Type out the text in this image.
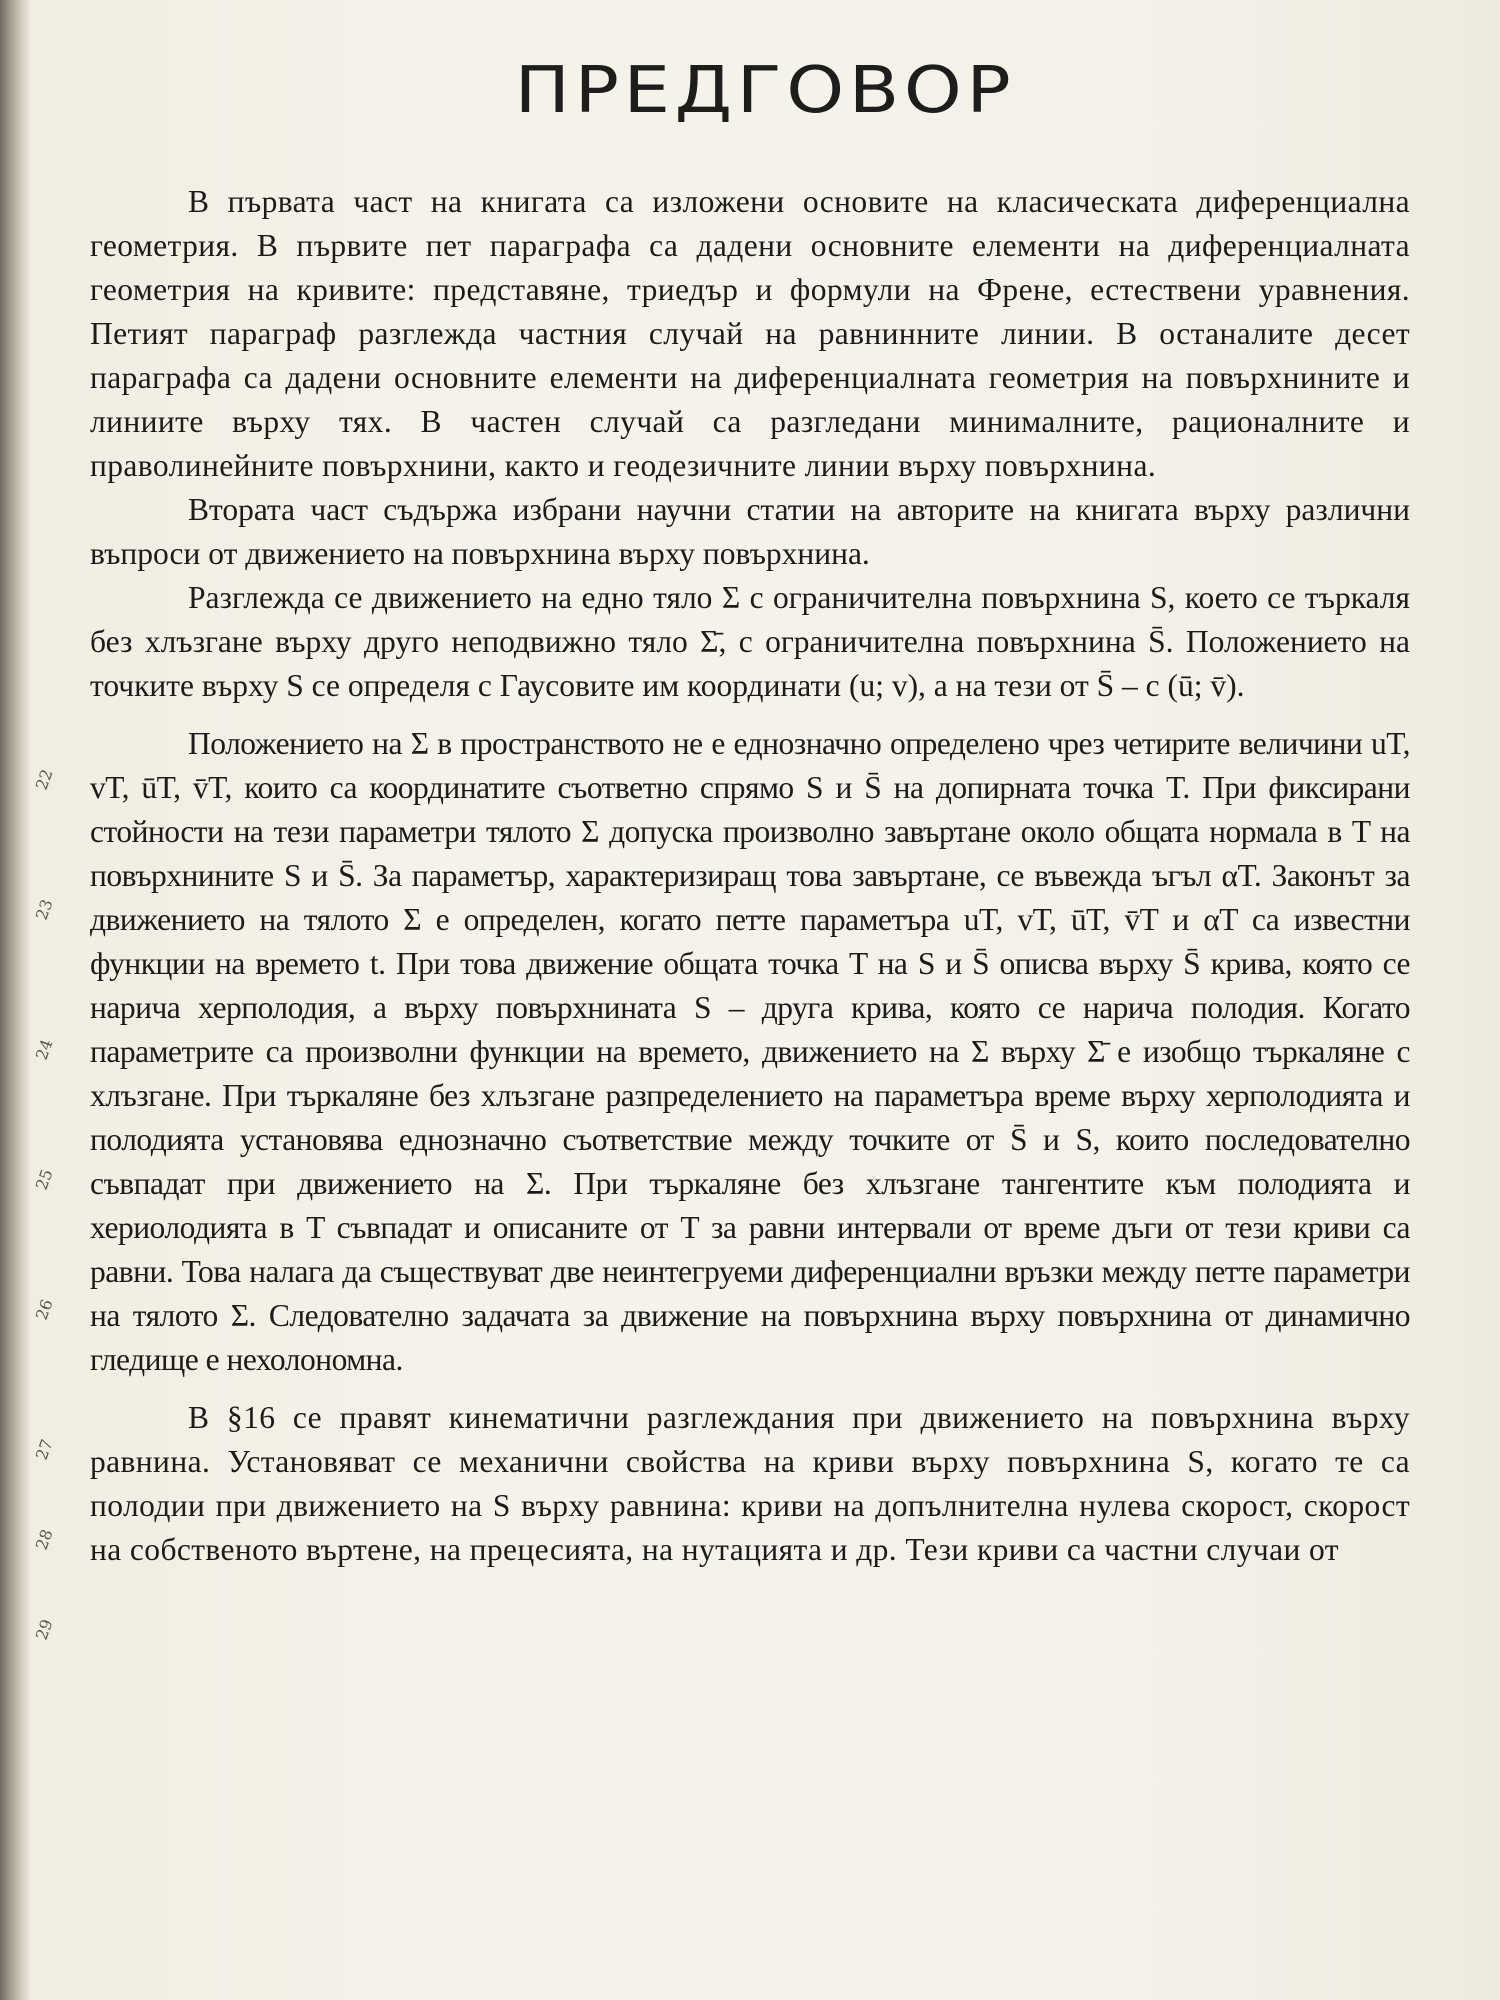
22
23
24
25
26
27
28
29
ПРЕДГОВОР

В първата част на книгата са изложени основите на класическата диференциална геометрия. В първите пет параграфа са дадени основните елементи на диференциалната геометрия на кривите: представяне, триедър и формули на Френе, естествени уравнения. Петият параграф разглежда частния случай на равнинните линии. В останалите десет параграфа са дадени основните елементи на диференциалната геометрия на повърхнините и линиите върху тях. В частен случай са разгледани минималните, рационалните и праволинейните повърхнини, както и геодезичните линии върху повърхнина.

Втората част съдържа избрани научни статии на авторите на книгата върху различни въпроси от движението на повърхнина върху повърхнина.

Разглежда се движението на едно тяло Σ с ограничителна повърхнина S, което се търкаля без хлъзгане върху друго неподвижно тяло Σ̄, с ограничителна повърхнина S̄. Положението на точките върху S се определя с Гаусовите им координати (u; v), а на тези от S̄ – с (ū; v̄).

Положението на Σ в пространството не е еднозначно определено чрез четирите величини uT, vT, ūT, v̄T, които са координатите съответно спрямо S и S̄ на допирната точка T. При фиксирани стойности на тези параметри тялото Σ допуска произволно завъртане около общата нормала в T на повърхнините S и S̄. За параметър, характеризиращ това завъртане, се въвежда ъгъл αT. Законът за движението на тялото Σ е определен, когато петте параметъра uT, vT, ūT, v̄T и αT са известни функции на времето t. При това движение общата точка T на S и S̄ описва върху S̄ крива, която се нарича херполодия, а върху повърхнината S – друга крива, която се нарича полодия. Когато параметрите са произволни функции на времето, движението на Σ върху Σ̄ е изобщо търкаляне с хлъзгане. При търкаляне без хлъзгане разпределението на параметъра време върху херполодията и полодията установява еднозначно съответствие между точките от S̄ и S, които последователно съвпадат при движението на Σ. При търкаляне без хлъзгане тангентите към полодията и хериолодията в T съвпадат и описаните от T за равни интервали от време дъги от тези криви са равни. Това налага да съществуват две неинтегруеми диференциални връзки между петте параметри на тялото Σ. Следователно задачата за движение на повърхнина върху повърхнина от динамично гледище е нехолономна.

В §16 се правят кинематични разглеждания при движението на повърхнина върху равнина. Установяват се механични свойства на криви върху повърхнина S, когато те са полодии при движението на S върху равнина: криви на допълнителна нулева скорост, скорост на собственото въртене, на прецесията, на нутацията и др. Тези криви са частни случаи от
